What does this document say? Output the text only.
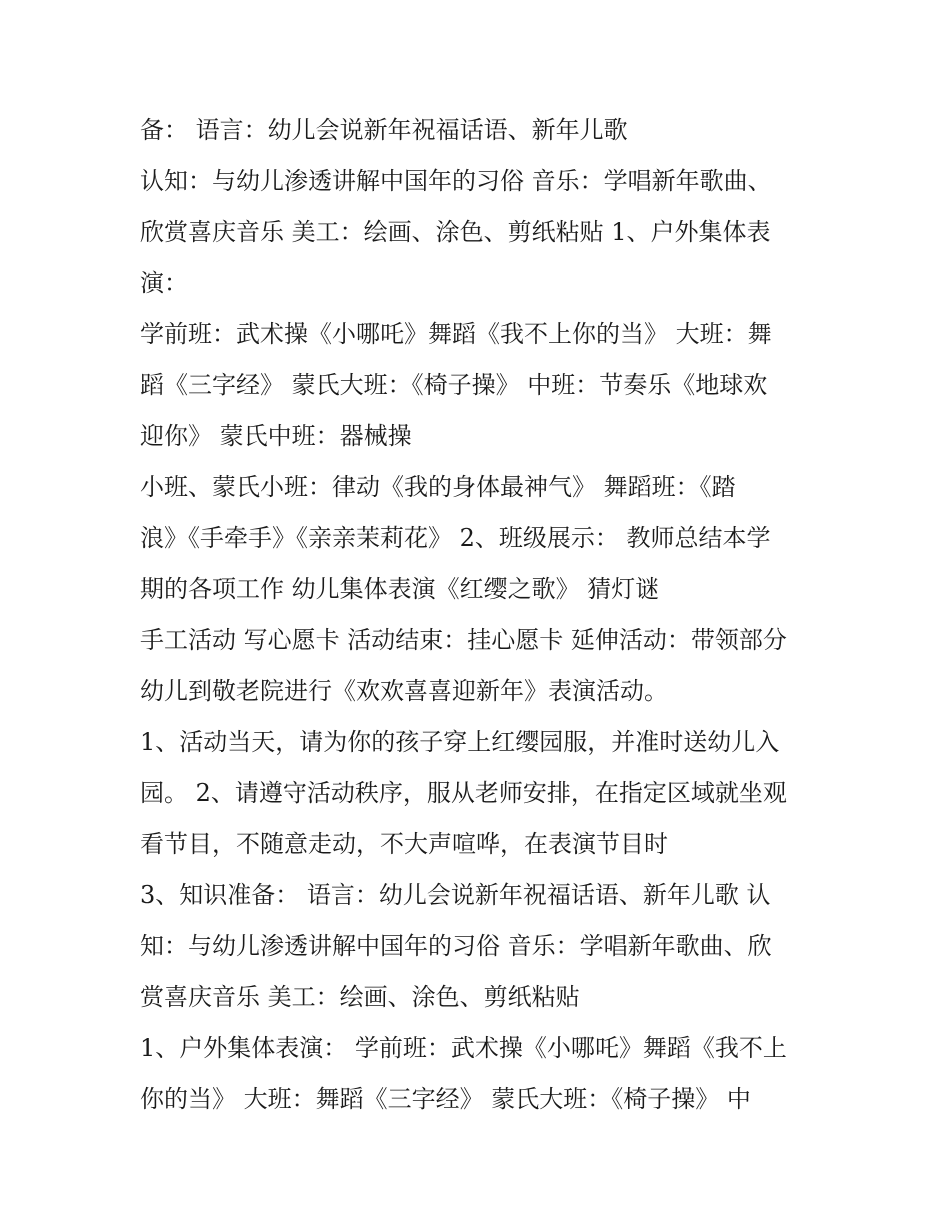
备： 语言：幼儿会说新年祝福话语、新年儿歌
认知：与幼儿渗透讲解中国年的习俗 音乐：学唱新年歌曲、
欣赏喜庆音乐 美工：绘画、涂色、剪纸粘贴 1、户外集体表
演：
学前班：武术操《小哪吒》舞蹈《我不上你的当》 大班：舞
蹈《三字经》 蒙氏大班：《椅子操》 中班：节奏乐《地球欢
迎你》 蒙氏中班：器械操
小班、蒙氏小班：律动《我的身体最神气》 舞蹈班：《踏
浪》《手牵手》《亲亲茉莉花》 2、班级展示： 教师总结本学
期的各项工作 幼儿集体表演《红缨之歌》 猜灯谜
手工活动 写心愿卡 活动结束：挂心愿卡 延伸活动：带领部分
幼儿到敬老院进行《欢欢喜喜迎新年》表演活动。
1、活动当天，请为你的孩子穿上红缨园服，并准时送幼儿入
园。 2、请遵守活动秩序，服从老师安排，在指定区域就坐观
看节目，不随意走动，不大声喧哗，在表演节目时
3、知识准备： 语言：幼儿会说新年祝福话语、新年儿歌 认
知：与幼儿渗透讲解中国年的习俗 音乐：学唱新年歌曲、欣
赏喜庆音乐 美工：绘画、涂色、剪纸粘贴
1、户外集体表演： 学前班：武术操《小哪吒》舞蹈《我不上
你的当》 大班：舞蹈《三字经》 蒙氏大班：《椅子操》 中
